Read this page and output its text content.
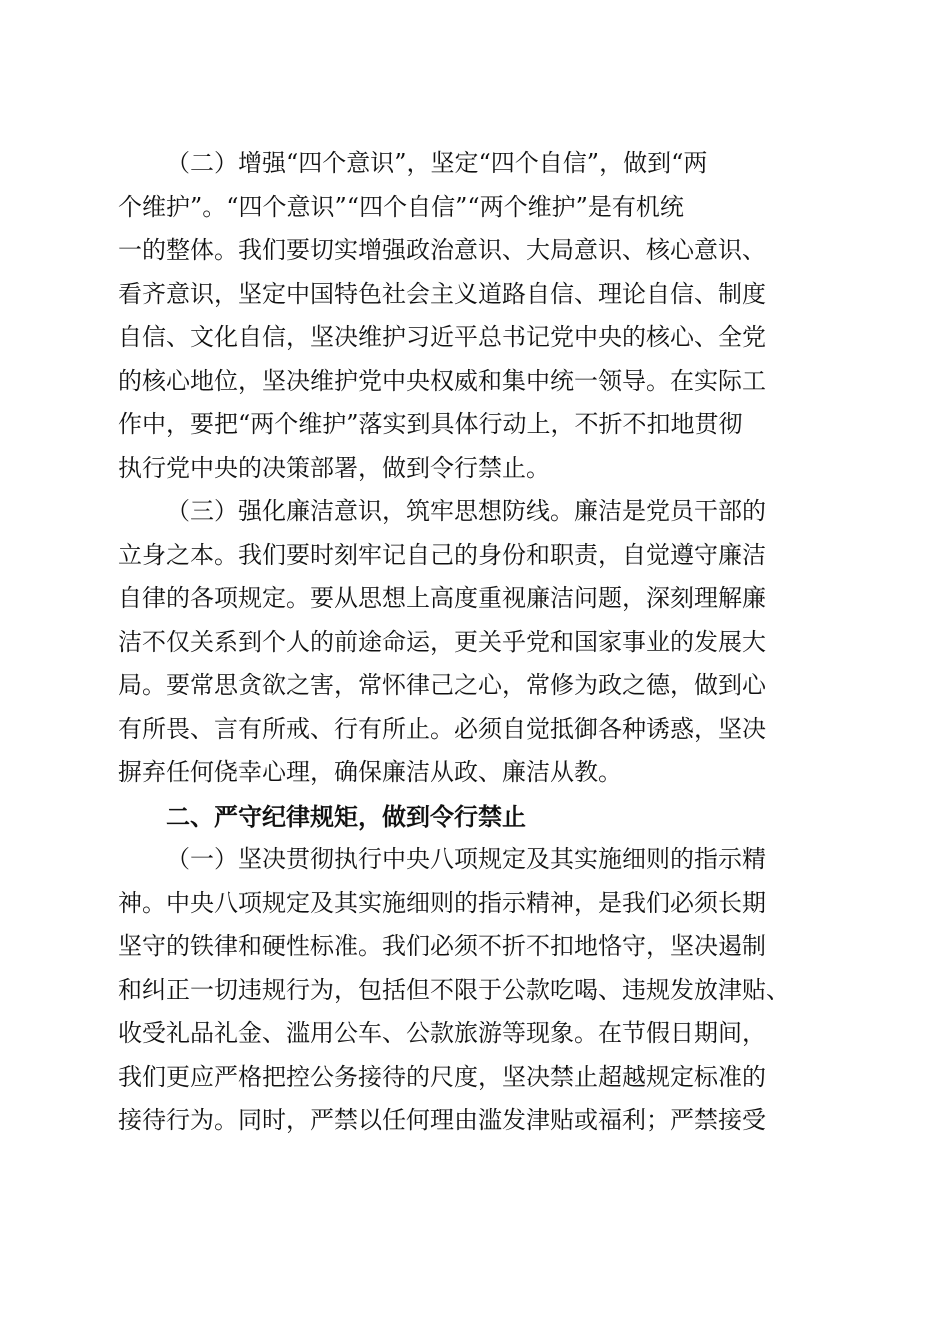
（二）增强“四个意识”，坚定“四个自信”，做到“两
个维护”。“四个意识”“四个自信”“两个维护”是有机统
一的整体。我们要切实增强政治意识、大局意识、核心意识、
看齐意识，坚定中国特色社会主义道路自信、理论自信、制度
自信、文化自信，坚决维护习近平总书记党中央的核心、全党
的核心地位，坚决维护党中央权威和集中统一领导。在实际工
作中，要把“两个维护”落实到具体行动上，不折不扣地贯彻
执行党中央的决策部署，做到令行禁止。
（三）强化廉洁意识，筑牢思想防线。廉洁是党员干部的
立身之本。我们要时刻牢记自己的身份和职责，自觉遵守廉洁
自律的各项规定。要从思想上高度重视廉洁问题，深刻理解廉
洁不仅关系到个人的前途命运，更关乎党和国家事业的发展大
局。要常思贪欲之害，常怀律己之心，常修为政之德，做到心
有所畏、言有所戒、行有所止。必须自觉抵御各种诱惑，坚决
摒弃任何侥幸心理，确保廉洁从政、廉洁从教。
二、严守纪律规矩，做到令行禁止
（一）坚决贯彻执行中央八项规定及其实施细则的指示精
神。中央八项规定及其实施细则的指示精神，是我们必须长期
坚守的铁律和硬性标准。我们必须不折不扣地恪守，坚决遏制
和纠正一切违规行为，包括但不限于公款吃喝、违规发放津贴、
收受礼品礼金、滥用公车、公款旅游等现象。在节假日期间，
我们更应严格把控公务接待的尺度，坚决禁止超越规定标准的
接待行为。同时，严禁以任何理由滥发津贴或福利；严禁接受
